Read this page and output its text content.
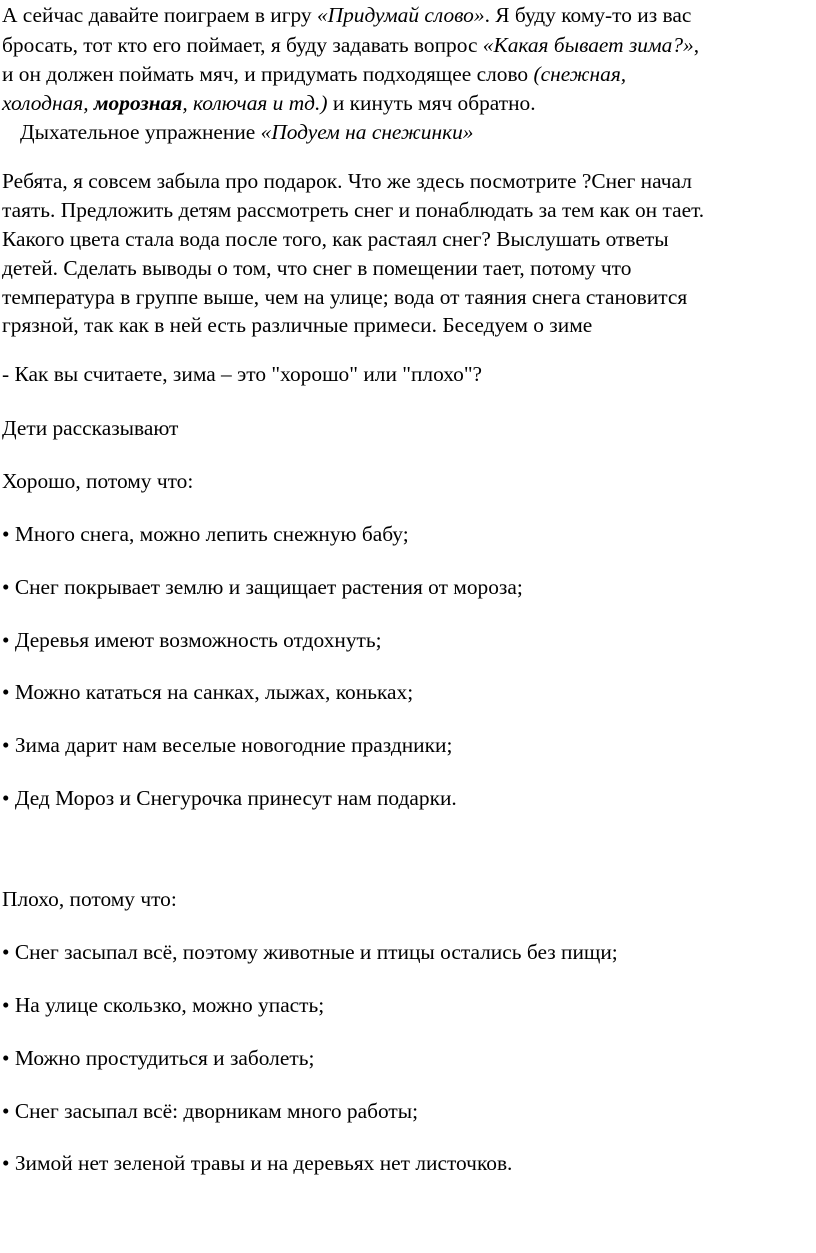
А сейчас давайте поиграем в игру «Придумай слово». Я буду кому-то из вас
бросать, тот кто его поймает, я буду задавать вопрос «Какая бывает зима?»,
и он должен поймать мяч, и придумать подходящее слово (снежная,
холодная, морозная, колючая и тд.) и кинуть мяч обратно.
Дыхательное упражнение «Подуем на снежинки»
Ребята, я совсем забыла про подарок. Что же здесь посмотрите ?Снег начал
таять. Предложить детям рассмотреть снег и понаблюдать за тем как он тает.
Какого цвета стала вода после того, как растаял снег? Выслушать ответы
детей. Сделать выводы о том, что снег в помещении тает, потому что
температура в группе выше, чем на улице; вода от таяния снега становится
грязной, так как в ней есть различные примеси. Беседуем о зиме
- Как вы считаете, зима – это "хорошо" или "плохо"?
Дети рассказывают
Хорошо, потому что:
• Много снега, можно лепить снежную бабу;
• Снег покрывает землю и защищает растения от мороза;
• Деревья имеют возможность отдохнуть;
• Можно кататься на санках, лыжах, коньках;
• Зима дарит нам веселые новогодние праздники;
• Дед Мороз и Снегурочка принесут нам подарки.
Плохо, потому что:
• Снег засыпал всё, поэтому животные и птицы остались без пищи;
• На улице скользко, можно упасть;
• Можно простудиться и заболеть;
• Снег засыпал всё: дворникам много работы;
• Зимой нет зеленой травы и на деревьях нет листочков.
